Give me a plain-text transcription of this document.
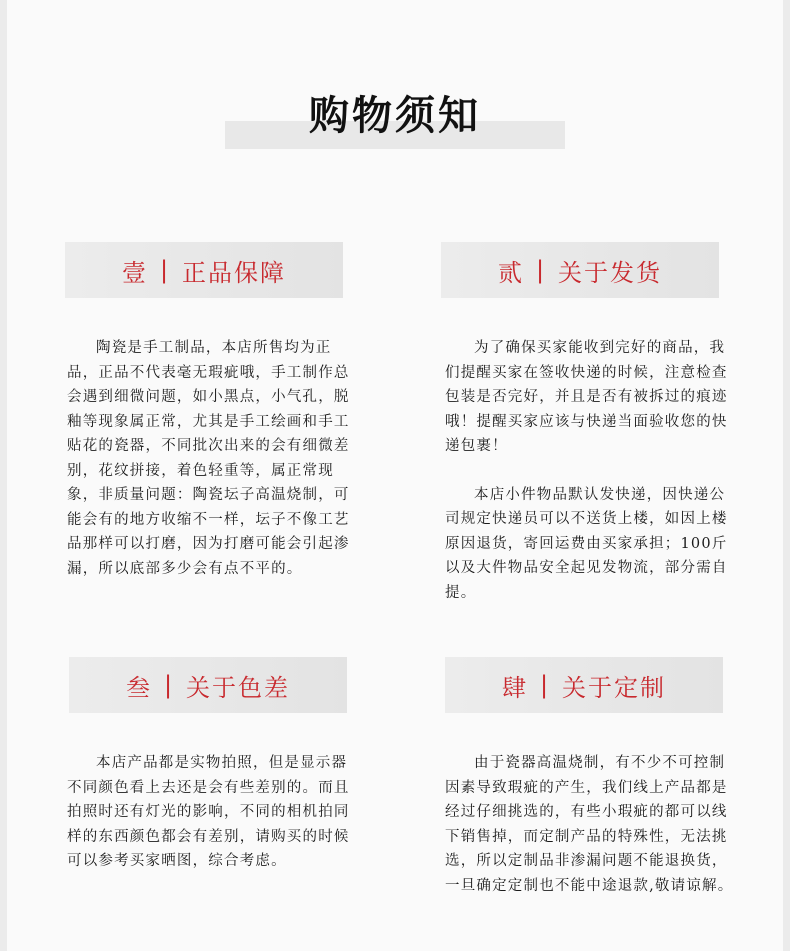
购物须知
壹 | 正品保障

陶瓷是手工制品，本店所售均为正品，正品不代表毫无瑕疵哦，手工制作总会遇到细微问题，如小黑点，小气孔，脱釉等现象属正常，尤其是手工绘画和手工贴花的瓷器，不同批次出来的会有细微差别，花纹拼接，着色轻重等，属正常现象，非质量问题：陶瓷坛子高温烧制，可能会有的地方收缩不一样，坛子不像工艺品那样可以打磨，因为打磨可能会引起渗漏，所以底部多少会有点不平的。

贰 | 关于发货

为了确保买家能收到完好的商品，我们提醒买家在签收快递的时候，注意检查包装是否完好，并且是否有被拆过的痕迹哦！提醒买家应该与快递当面验收您的快递包裹！

本店小件物品默认发快递，因快递公司规定快递员可以不送货上楼，如因上楼原因退货，寄回运费由买家承担；100斤以及大件物品安全起见发物流，部分需自提。

叁 | 关于色差

本店产品都是实物拍照，但是显示器不同颜色看上去还是会有些差别的。而且拍照时还有灯光的影响，不同的相机拍同样的东西颜色都会有差别，请购买的时候可以参考买家晒图，综合考虑。

肆 | 关于定制

由于瓷器高温烧制，有不少不可控制因素导致瑕疵的产生，我们线上产品都是经过仔细挑选的，有些小瑕疵的都可以线下销售掉，而定制产品的特殊性，无法挑选，所以定制品非渗漏问题不能退换货，一旦确定定制也不能中途退款,敬请谅解。
